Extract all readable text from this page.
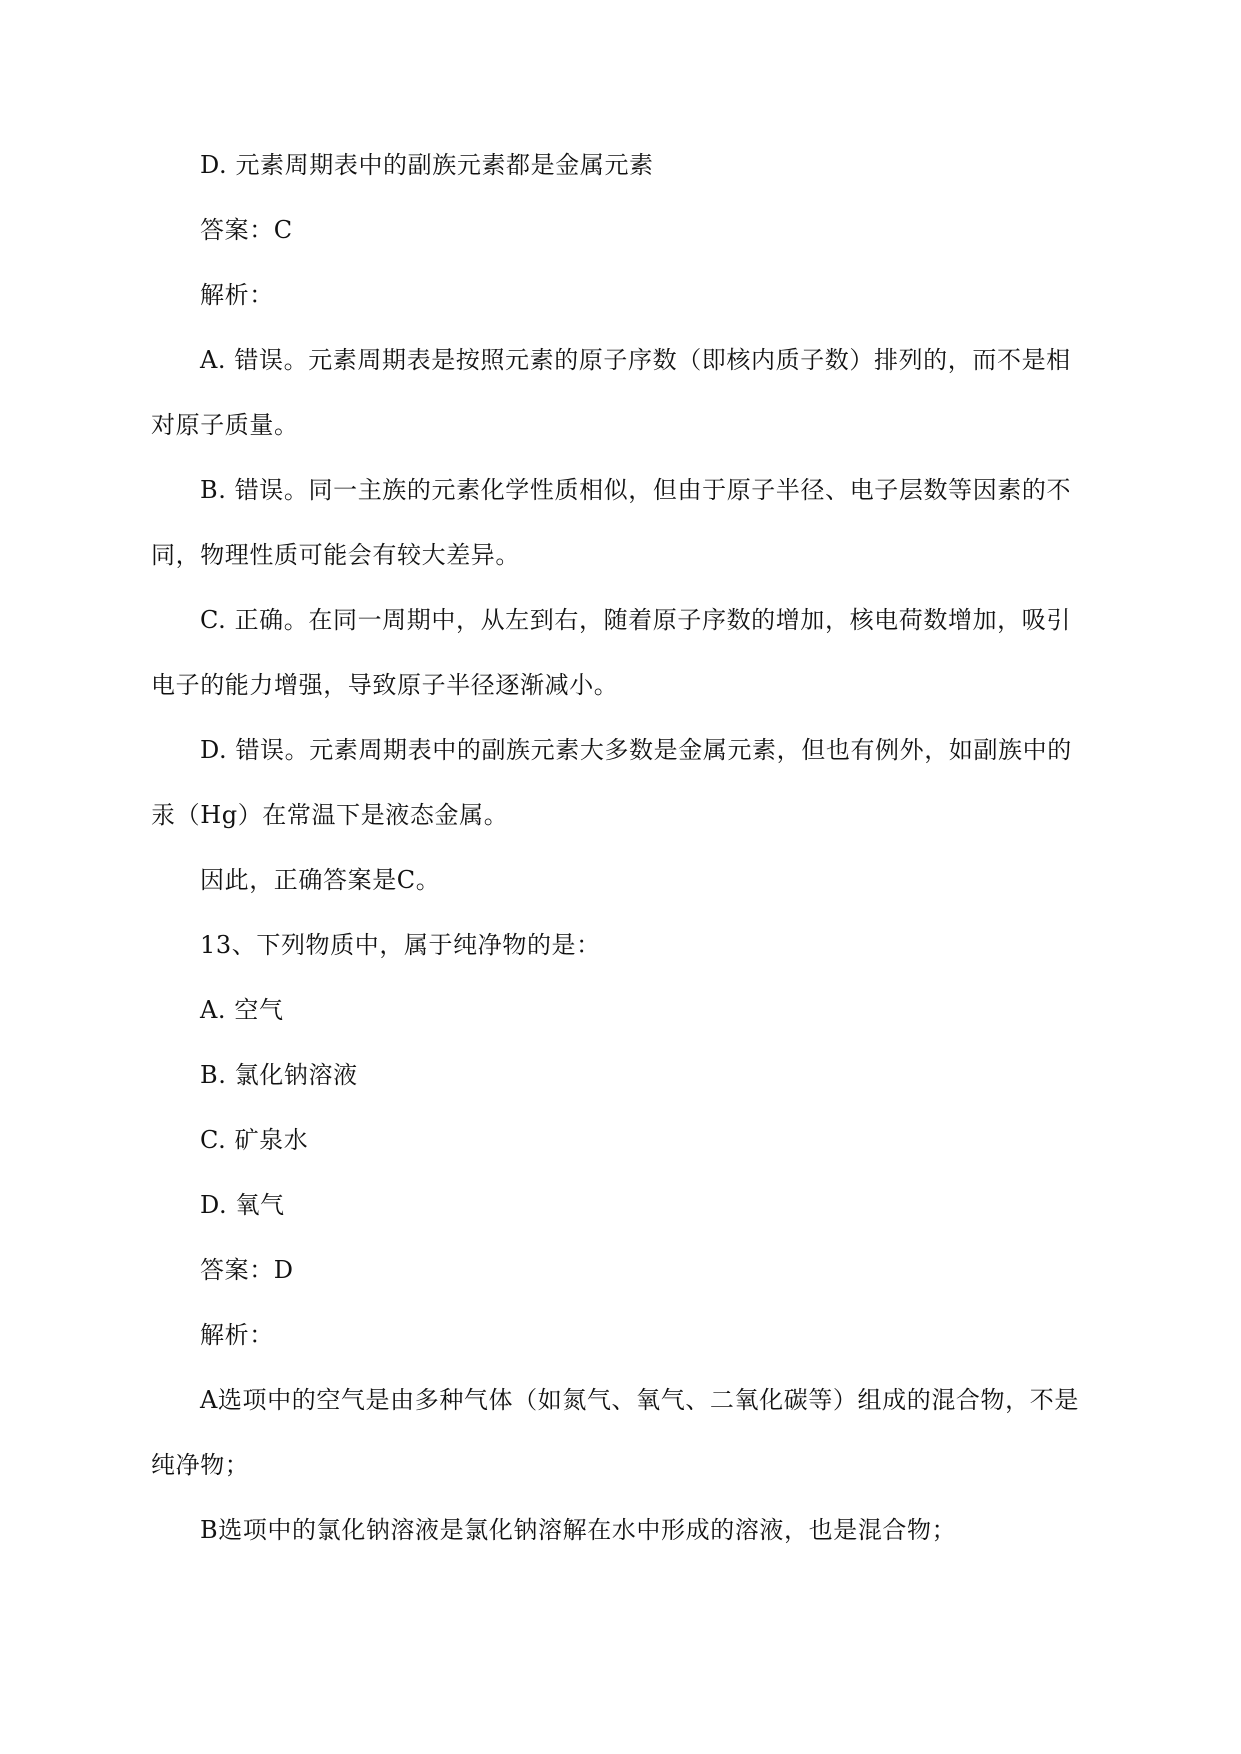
D. 元素周期表中的副族元素都是金属元素
答案：C
解析：
A. 错误。元素周期表是按照元素的原子序数（即核内质子数）排列的，而不是相
对原子质量。
B. 错误。同一主族的元素化学性质相似，但由于原子半径、电子层数等因素的不
同，物理性质可能会有较大差异。
C. 正确。在同一周期中，从左到右，随着原子序数的增加，核电荷数增加，吸引
电子的能力增强，导致原子半径逐渐减小。
D. 错误。元素周期表中的副族元素大多数是金属元素，但也有例外，如副族中的
汞（Hg）在常温下是液态金属。
因此，正确答案是C。
13、下列物质中，属于纯净物的是：
A. 空气
B. 氯化钠溶液
C. 矿泉水
D. 氧气
答案：D
解析：
A选项中的空气是由多种气体（如氮气、氧气、二氧化碳等）组成的混合物，不是
纯净物；
B选项中的氯化钠溶液是氯化钠溶解在水中形成的溶液，也是混合物；
